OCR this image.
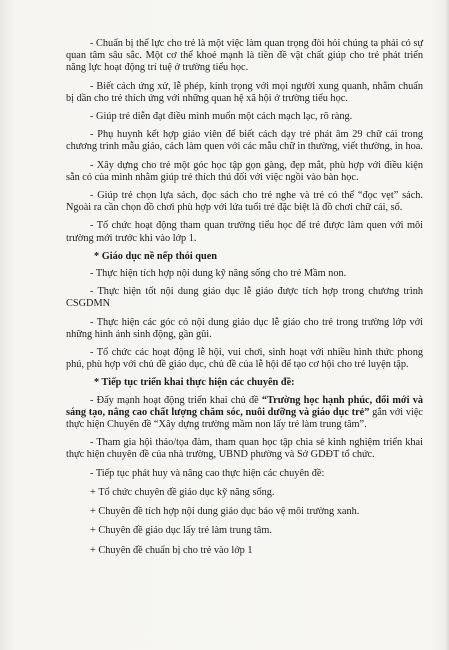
- Chuẩn bị thể lực cho trẻ là một việc làm quan trọng đòi hỏi chúng ta phải có sự quan tâm sâu sắc. Một cơ thể khoẻ mạnh là tiền đề vật chất giúp cho trẻ phát triển năng lực hoạt động trí tuệ ở trường tiểu học.

- Biết cách ứng xử, lễ phép, kính trọng với mọi người xung quanh, nhằm chuẩn bị dần cho trẻ thích ứng với những quan hệ xã hội ở trường tiểu học.

- Giúp trẻ diễn đạt điều mình muốn một cách mạch lạc, rõ ràng.

- Phụ huynh kết hợp giáo viên để biết cách dạy trẻ phát âm 29 chữ cái trong chương trình mẫu giáo, cách làm quen với các mẫu chữ in thường, viết thường, in hoa.

- Xây dựng cho trẻ một góc học tập gọn gàng, đẹp mắt, phù hợp với điều kiện sẵn có của mình nhằm giúp trẻ thích thú đối với việc ngồi vào bàn học.

- Giúp trẻ chọn lựa sách, đọc sách cho trẻ nghe và trẻ có thể “đọc vẹt” sách. Ngoài ra cần chọn đồ chơi phù hợp với lứa tuổi trẻ đặc biệt là đồ chơi chữ cái, số.

- Tổ chức hoạt động tham quan trường tiểu học để trẻ được làm quen với môi trường mới trước khi vào lớp 1.

* Giáo dục nề nếp thói quen

- Thực hiện tích hợp nội dung kỹ năng sống cho trẻ Mầm non.

- Thực hiện tốt nội dung giáo dục lễ giáo được tích hợp trong chương trình CSGDMN

- Thực hiện các góc có nội dung giáo dục lễ giáo cho trẻ trong trường lớp với những hình ảnh sinh động, gần gũi.

- Tổ chức các hoạt động lễ hội, vui chơi, sinh hoạt với nhiều hình thức phong phú, phù hợp với chủ đề giáo dục, chủ đề của lễ hội để tạo cơ hội cho trẻ luyện tập.

* Tiếp tục triển khai thực hiện các chuyên đề:

- Đẩy mạnh hoạt động triển khai chủ đề “Trường học hạnh phúc, đổi mới và sáng tạo, nâng cao chất lượng chăm sóc, nuôi dưỡng và giáo dục trẻ” gắn với việc thực hiện Chuyên đề “Xây dựng trường mầm non lấy trẻ làm trung tâm”.

- Tham gia hội thảo/tọa đàm, tham quan học tập chia sẻ kinh nghiệm triển khai thực hiện chuyên đề của nhà trường, UBND phường và Sở GDĐT tổ chức.

- Tiếp tục phát huy và nâng cao thực hiện các chuyên đề:

+ Tổ chức chuyên đề giáo dục kỹ năng sống.

+ Chuyên đề tích hợp nội dung giáo dục bảo vệ môi trường xanh.

+ Chuyên đề giáo dục lấy trẻ làm trung tâm.

+ Chuyên đề chuẩn bị cho trẻ vào lớp 1
